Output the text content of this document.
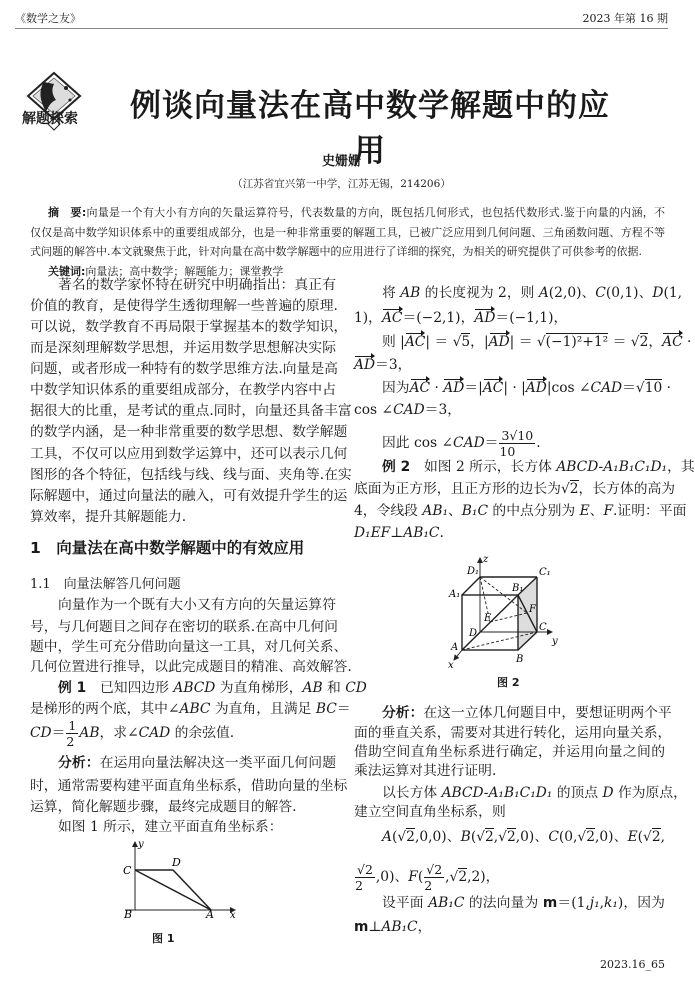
《数学之友》	2023 年第 16 期
解题探索 例谈向量法在高中数学解题中的应用
史姗姗
（江苏省宜兴第一中学，江苏无锡，214206）
摘　要:向量是一个有大小有方向的矢量运算符号，代表数量的方向，既包括几何形式，也包括代数形式.鉴于向量的内涵，不
仅仅是高中数学知识体系中的重要组成部分，也是一种非常重要的解题工具，已被广泛应用到几何问题、三角函数问题、方程不等
式问题的解答中.本文就聚焦于此，针对向量在高中数学解题中的应用进行了详细的探究，为相关的研究提供了可供参考的依据.
关键词:向量法；高中数学；解题能力；课堂教学
1　向量法在高中数学解题中的有效应用
1.1　向量法解答几何问题
著名的数学家怀特在研究中明确指出：真正有
价值的教育，是使得学生透彻理解一些普遍的原理.
可以说，数学教育不再局限于掌握基本的数学知识，
而是深刻理解数学思想，并运用数学思想解决实际
问题，或者形成一种特有的数学思维方法.向量是高
中数学知识体系的重要组成部分，在教学内容中占
据很大的比重，是考试的重点.同时，向量还具备丰富
的数学内涵，是一种非常重要的数学思想、数学解题
工具，不仅可以应用到数学运算中，还可以表示几何
图形的各个特征，包括线与线、线与面、夹角等.在实
际解题中，通过向量法的融入，可有效提升学生的运
算效率，提升其解题能力.
向量作为一个既有大小又有方向的矢量运算符
号，与几何题目之间存在密切的联系.在高中几何问
题中，学生可充分借助向量这一工具，对几何关系、
几何位置进行推导，以此完成题目的精准、高效解答.
例 1　已知四边形 ABCD 为直角梯形，AB 和 CD
是梯形的两个底，其中∠ABC 为直角，且满足 BC＝
$CD= \frac{1}{2}$ AB，求∠CAD 的余弦值.
分析：在运用向量法解决这一类平面几何问题
时，通常需要构建平面直角坐标系，借助向量的坐标
运算，简化解题步骤，最终完成题目的解答.
如图 1 所示，建立平面直角坐标系：
将 AB 的长度视为 2，则 A(2,0)、C(0,1)、D(1,
1)，AC＝(−2,1)，AD＝(−1,1)，
则 |AC| ＝ √5，|AD| ＝ √(−1)²+1² ＝ √2，AC ·
AD＝3，
因为AC · AD＝|AC| · |AD|cos ∠CAD＝√10 ·
cos ∠CAD＝3，
因此 cos ∠CAD＝ $\frac{3√10}{10}$ .
例 2　如图 2 所示，长方体 ABCD-A₁B₁C₁D₁，其
底面为正方形，且正方形的边长为√2，长方体的高为
4，令线段 AB₁、B₁C 的中点分别为 E、F.证明：平面
D₁EF⊥AB₁C.
分析：在这一立体几何题目中，要想证明两个平
面的垂直关系，需要对其进行转化，运用向量关系，
借助空间直角坐标系进行确定，并运用向量之间的
乘法运算对其进行证明.
以长方体 ABCD-A₁B₁C₁D₁ 的顶点 D 作为原点，
建立空间直角坐标系，则
A(√2,0,0)、B(√2,√2,0)、C(0,√2,0)、E(√2,
$\frac{√2}{2} ,0$)、$F( \frac{√2}{2} ,√2,2)$，
设平面 AB₁C 的法向量为 m＝(1,j₁,k₁)，因为
m⊥AB₁C，
y
x
C
D
B	A
图 1
z
y
x
D₁	C₁
A₁
B₁
E
F
D
C
A
B
图 2
2023.16_65
